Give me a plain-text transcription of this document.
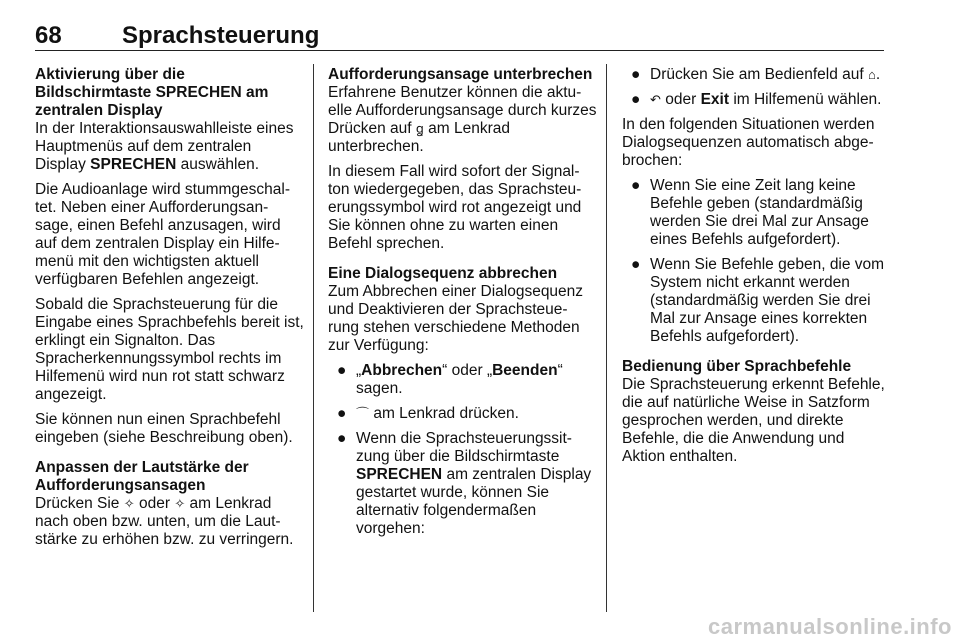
68	Sprachsteuerung
Aktivierung über die Bildschirmtaste SPRECHEN am zentralen Display

In der Interaktionsauswahlleiste eines Hauptmenüs auf dem zentralen Display SPRECHEN auswählen.

Die Audioanlage wird stummgeschal-tet. Neben einer Aufforderungsan-sage, einen Befehl anzusagen, wird auf dem zentralen Display ein Hilfe-menü mit den wichtigsten aktuell verfügbaren Befehlen angezeigt.

Sobald die Sprachsteuerung für die Eingabe eines Sprachbefehls bereit ist, erklingt ein Signalton. Das Spracherkennungssymbol rechts im Hilfemenü wird nun rot statt schwarz angezeigt.

Sie können nun einen Sprachbefehl eingeben (siehe Beschreibung oben).

Anpassen der Lautstärke der Aufforderungsansagen

Drücken Sie ✧ oder ✧ am Lenkrad nach oben bzw. unten, um die Laut-stärke zu erhöhen bzw. zu verringern.

Aufforderungsansage unterbrechen

Erfahrene Benutzer können die aktu-elle Aufforderungsansage durch kurzes Drücken auf ꬶ am Lenkrad unterbrechen.

In diesem Fall wird sofort der Signal-ton wiedergegeben, das Sprachsteu-erungssymbol wird rot angezeigt und Sie können ohne zu warten einen Befehl sprechen.

Eine Dialogsequenz abbrechen

Zum Abbrechen einer Dialogsequenz und Deaktivieren der Sprachsteue-rung stehen verschiedene Methoden zur Verfügung:

● „Abbrechen“ oder „Beenden“ sagen.
● ⌒ am Lenkrad drücken.
● Wenn die Sprachsteuerungssit-zung über die Bildschirmtaste SPRECHEN am zentralen Display gestartet wurde, können Sie alternativ folgendermaßen vorgehen:
● Drücken Sie am Bedienfeld auf ⌂.
● ↶ oder Exit im Hilfemenü wählen.

In den folgenden Situationen werden Dialogsequenzen automatisch abge-brochen:

● Wenn Sie eine Zeit lang keine Befehle geben (standardmäßig werden Sie drei Mal zur Ansage eines Befehls aufgefordert).
● Wenn Sie Befehle geben, die vom System nicht erkannt werden (standardmäßig werden Sie drei Mal zur Ansage eines korrekten Befehls aufgefordert).
Bedienung über Sprachbefehle

Die Sprachsteuerung erkennt Befehle, die auf natürliche Weise in Satzform gesprochen werden, und direkte Befehle, die die Anwendung und Aktion enthalten.

carmanualsonline.info
